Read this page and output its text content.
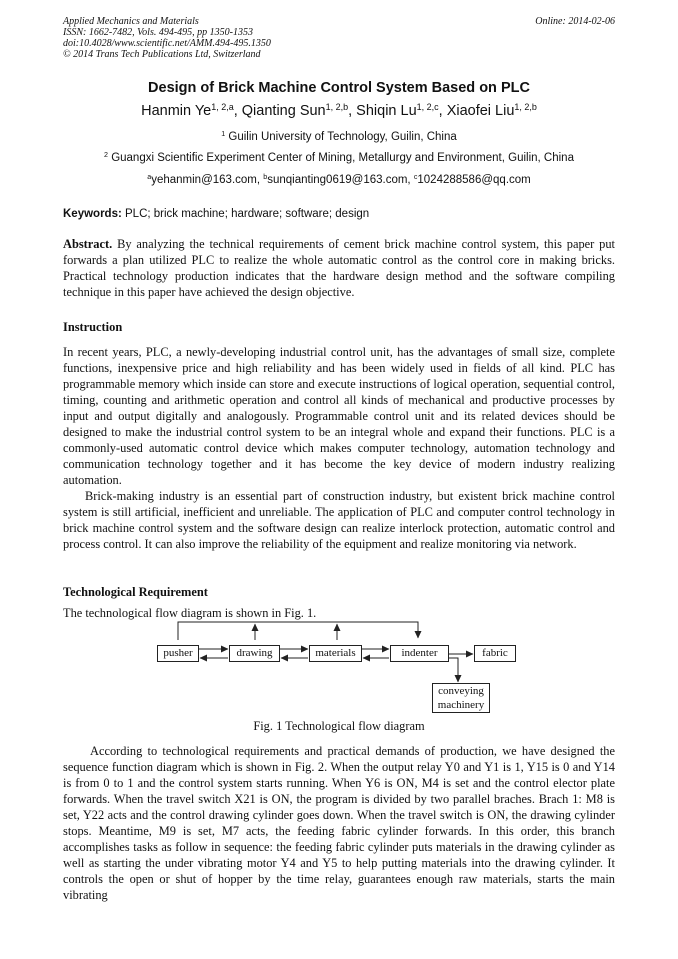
Applied Mechanics and Materials
ISSN: 1662-7482, Vols. 494-495, pp 1350-1353
doi:10.4028/www.scientific.net/AMM.494-495.1350
© 2014 Trans Tech Publications Ltd, Switzerland
Online: 2014-02-06
Design of Brick Machine Control System Based on PLC
Hanmin Ye$^{1, 2,a}$, Qianting Sun$^{1, 2,b}$, Shiqin Lu$^{1, 2,c}$, Xiaofei Liu$^{1, 2,b}$
$^1$ Guilin University of Technology, Guilin, China
$^2$ Guangxi Scientific Experiment Center of Mining, Metallurgy and Environment, Guilin, China
$^a$yehanmin@163.com, $^b$sunqianting0619@163.com, $^c$1024288586@qq.com
Keywords: PLC; brick machine; hardware; software; design
Abstract. By analyzing the technical requirements of cement brick machine control system, this paper put forwards a plan utilized PLC to realize the whole automatic control as the control core in making bricks. Practical technology production indicates that the hardware design method and the software compiling technique in this paper have achieved the design objective.
Instruction
In recent years, PLC, a newly-developing industrial control unit, has the advantages of small size, complete functions, inexpensive price and high reliability and has been widely used in fields of all kind. PLC has programmable memory which inside can store and execute instructions of logical operation, sequential control, timing, counting and arithmetic operation and control all kinds of mechanical and productive processes by input and output digitally and analogously. Programmable control unit and its related devices should be designed to make the industrial control system to be an integral whole and expand their functions. PLC is a commonly-used automatic control device which makes computer technology, automation technology and communication technology together and it has become the key device of modern industry realizing automation.
Brick-making industry is an essential part of construction industry, but existent brick machine control system is still artificial, inefficient and unreliable. The application of PLC and computer control technology in brick machine control system and the software design can realize interlock protection, automatic control and process control. It can also improve the reliability of the equipment and realize monitoring via network.
Technological Requirement
The technological flow diagram is shown in Fig. 1.
pusher	drawing	materials	indenter	fabric
conveying
machinery
Fig. 1 Technological flow diagram
According to technological requirements and practical demands of production, we have designed the sequence function diagram which is shown in Fig. 2. When the output relay Y0 and Y1 is 1, Y15 is 0 and Y14 is from 0 to 1 and the control system starts running. When Y6 is ON, M4 is set and the control elector plate forwards. When the travel switch X21 is ON, the program is divided by two parallel braches. Brach 1: M8 is set, Y22 acts and the control drawing cylinder goes down. When the travel switch is ON, the drawing cylinder stops. Meantime, M9 is set, M7 acts, the feeding fabric cylinder forwards. In this order, this branch accomplishes tasks as follow in sequence: the feeding fabric cylinder puts materials in the drawing cylinder as well as starting the under vibrating motor Y4 and Y5 to help putting materials into the drawing cylinder. It controls the open or shut of hopper by the time relay, guarantees enough raw materials, starts the main vibrating
